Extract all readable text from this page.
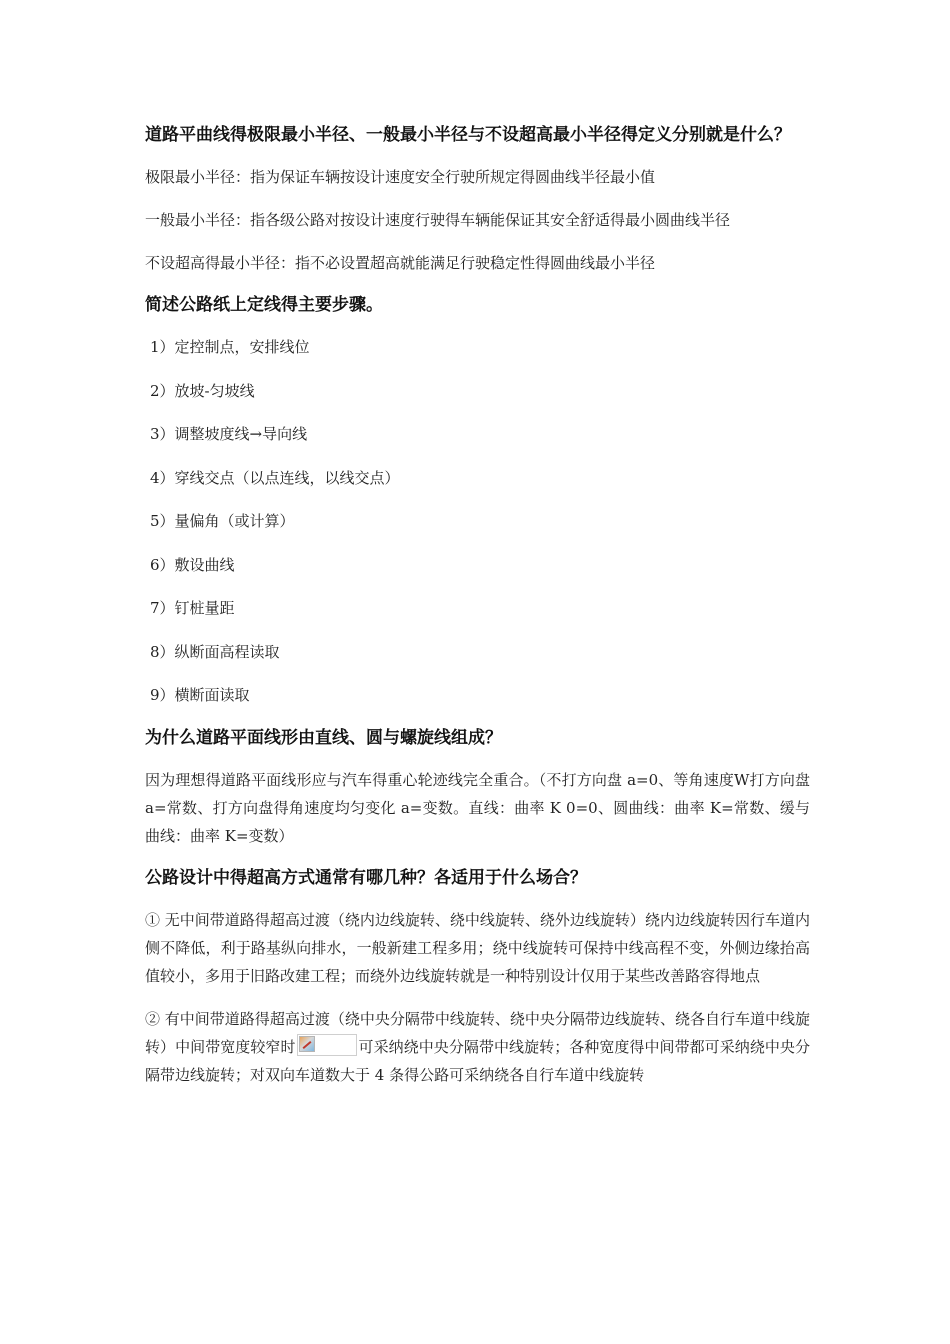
道路平曲线得极限最小半径、一般最小半径与不设超高最小半径得定义分别就是什么？

极限最小半径：指为保证车辆按设计速度安全行驶所规定得圆曲线半径最小值

一般最小半径：指各级公路对按设计速度行驶得车辆能保证其安全舒适得最小圆曲线半径

不设超高得最小半径：指不必设置超高就能满足行驶稳定性得圆曲线最小半径

简述公路纸上定线得主要步骤。
1）定控制点，安排线位
2）放坡-匀坡线
3）调整坡度线→导向线
4）穿线交点（以点连线，以线交点）
5）量偏角（或计算）
6）敷设曲线
7）钉桩量距
8）纵断面高程读取
9）横断面读取
为什么道路平面线形由直线、圆与螺旋线组成？

因为理想得道路平面线形应与汽车得重心轮迹线完全重合。（不打方向盘 a=0、等角速度W打方向盘 a=常数、打方向盘得角速度均匀变化 a=变数。直线：曲率 K 0=0、圆曲线：曲率 K=常数、缓与曲线：曲率 K=变数）

公路设计中得超高方式通常有哪几种？各适用于什么场合？

① 无中间带道路得超高过渡（绕内边线旋转、绕中线旋转、绕外边线旋转）绕内边线旋转因行车道内侧不降低，利于路基纵向排水，一般新建工程多用；绕中线旋转可保持中线高程不变，外侧边缘抬高值较小，多用于旧路改建工程；而绕外边线旋转就是一种特别设计仅用于某些改善路容得地点

② 有中间带道路得超高过渡（绕中央分隔带中线旋转、绕中央分隔带边线旋转、绕各自行车道中线旋转）中间带宽度较窄时	可采纳绕中央分隔带中线旋转；各种宽度得中间带都可采纳绕中央分隔带边线旋转；对双向车道数大于 4 条得公路可采纳绕各自行车道中线旋转
